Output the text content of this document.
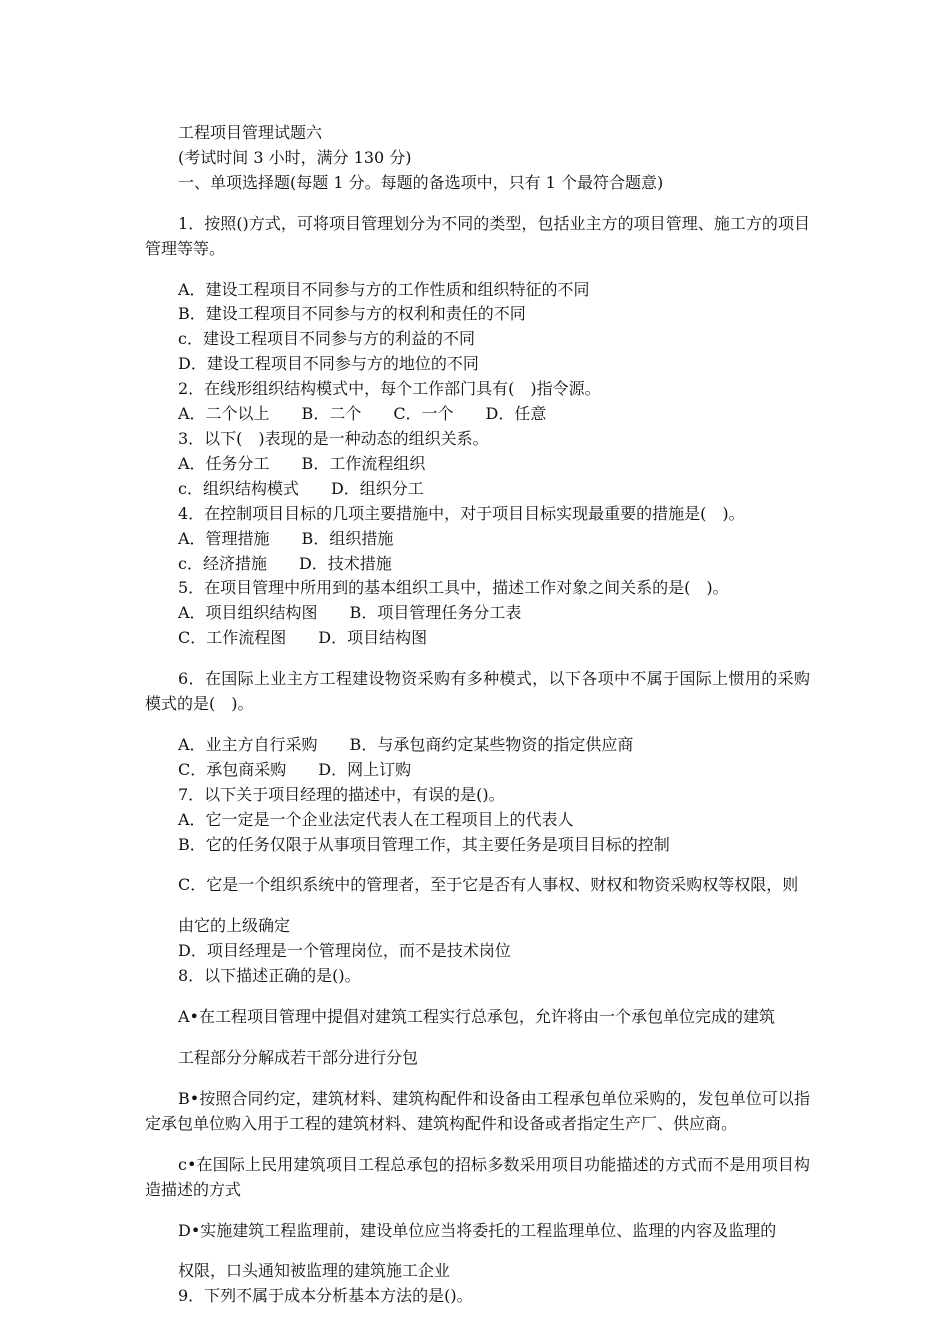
工程项目管理试题六

(考试时间 3 小时，满分 130 分)

一、单项选择题(每题 1 分。每题的备选项中，只有 1 个最符合题意)

1．按照()方式，可将项目管理划分为不同的类型，包括业主方的项目管理、施工方的项目管理等等。

A．建设工程项目不同参与方的工作性质和组织特征的不同

B．建设工程项目不同参与方的权利和责任的不同

c．建设工程项目不同参与方的利益的不同

D．建设工程项目不同参与方的地位的不同

2．在线形组织结构模式中，每个工作部门具有(　)指令源。

A．二个以上　　B．二个　　C．一个　　D．任意

3．以下(　)表现的是一种动态的组织关系。

A．任务分工　　B．工作流程组织

c．组织结构模式　　D．组织分工

4．在控制项目目标的几项主要措施中，对于项目目标实现最重要的措施是(　)。

A．管理措施　　B．组织措施

c．经济措施　　D．技术措施

5．在项目管理中所用到的基本组织工具中，描述工作对象之间关系的是(　)。

A．项目组织结构图　　B．项目管理任务分工表

C．工作流程图　　D．项目结构图

6．在国际上业主方工程建设物资采购有多种模式，以下各项中不属于国际上惯用的采购模式的是(　)。

A．业主方自行采购　　B．与承包商约定某些物资的指定供应商

C．承包商采购　　D．网上订购

7．以下关于项目经理的描述中，有误的是()。

A．它一定是一个企业法定代表人在工程项目上的代表人

B．它的任务仅限于从事项目管理工作，其主要任务是项目目标的控制

C．它是一个组织系统中的管理者，至于它是否有人事权、财权和物资采购权等权限，则

由它的上级确定

D．项目经理是一个管理岗位，而不是技术岗位

8．以下描述正确的是()。

A•在工程项目管理中提倡对建筑工程实行总承包，允许将由一个承包单位完成的建筑

工程部分分解成若干部分进行分包

B•按照合同约定，建筑材料、建筑构配件和设备由工程承包单位采购的，发包单位可以指定承包单位购入用于工程的建筑材料、建筑构配件和设备或者指定生产厂、供应商。

c•在国际上民用建筑项目工程总承包的招标多数采用项目功能描述的方式而不是用项目构造描述的方式

D•实施建筑工程监理前，建设单位应当将委托的工程监理单位、监理的内容及监理的

权限，口头通知被监理的建筑施工企业

9．下列不属于成本分析基本方法的是()。
